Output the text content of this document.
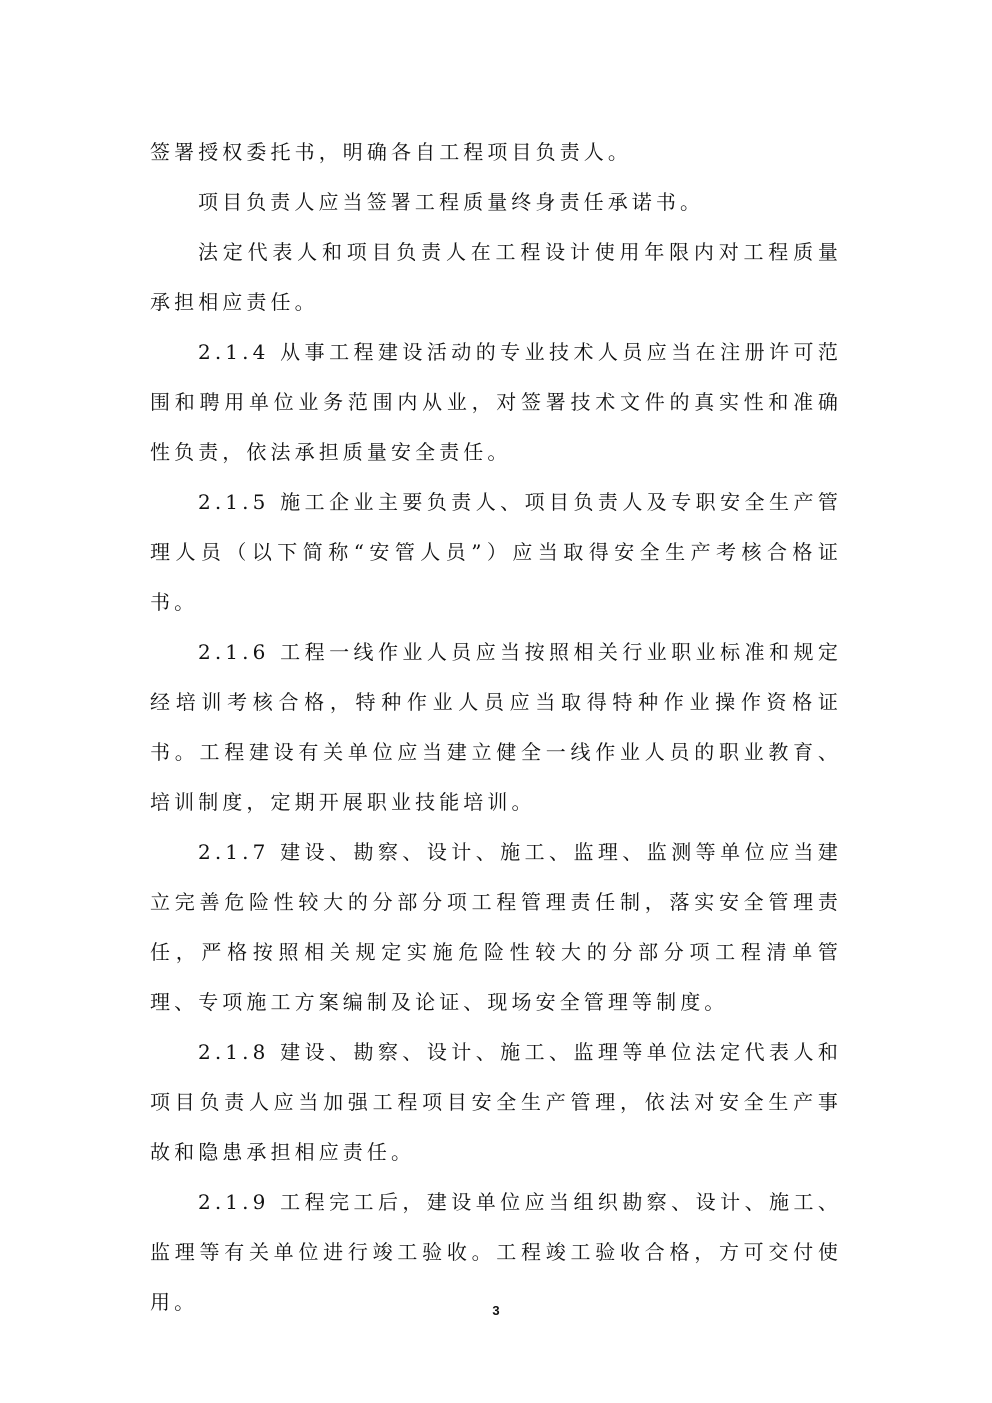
签署授权委托书，明确各自工程项目负责人。

项目负责人应当签署工程质量终身责任承诺书。

法定代表人和项目负责人在工程设计使用年限内对工程质量承担相应责任。

2.1.4 从事工程建设活动的专业技术人员应当在注册许可范围和聘用单位业务范围内从业，对签署技术文件的真实性和准确性负责，依法承担质量安全责任。

2.1.5 施工企业主要负责人、项目负责人及专职安全生产管理人员（以下简称“安管人员”）应当取得安全生产考核合格证书。

2.1.6 工程一线作业人员应当按照相关行业职业标准和规定经培训考核合格，特种作业人员应当取得特种作业操作资格证书。工程建设有关单位应当建立健全一线作业人员的职业教育、培训制度，定期开展职业技能培训。

2.1.7 建设、勘察、设计、施工、监理、监测等单位应当建立完善危险性较大的分部分项工程管理责任制，落实安全管理责任，严格按照相关规定实施危险性较大的分部分项工程清单管理、专项施工方案编制及论证、现场安全管理等制度。

2.1.8 建设、勘察、设计、施工、监理等单位法定代表人和项目负责人应当加强工程项目安全生产管理，依法对安全生产事故和隐患承担相应责任。

2.1.9 工程完工后，建设单位应当组织勘察、设计、施工、监理等有关单位进行竣工验收。工程竣工验收合格，方可交付使用。	3
